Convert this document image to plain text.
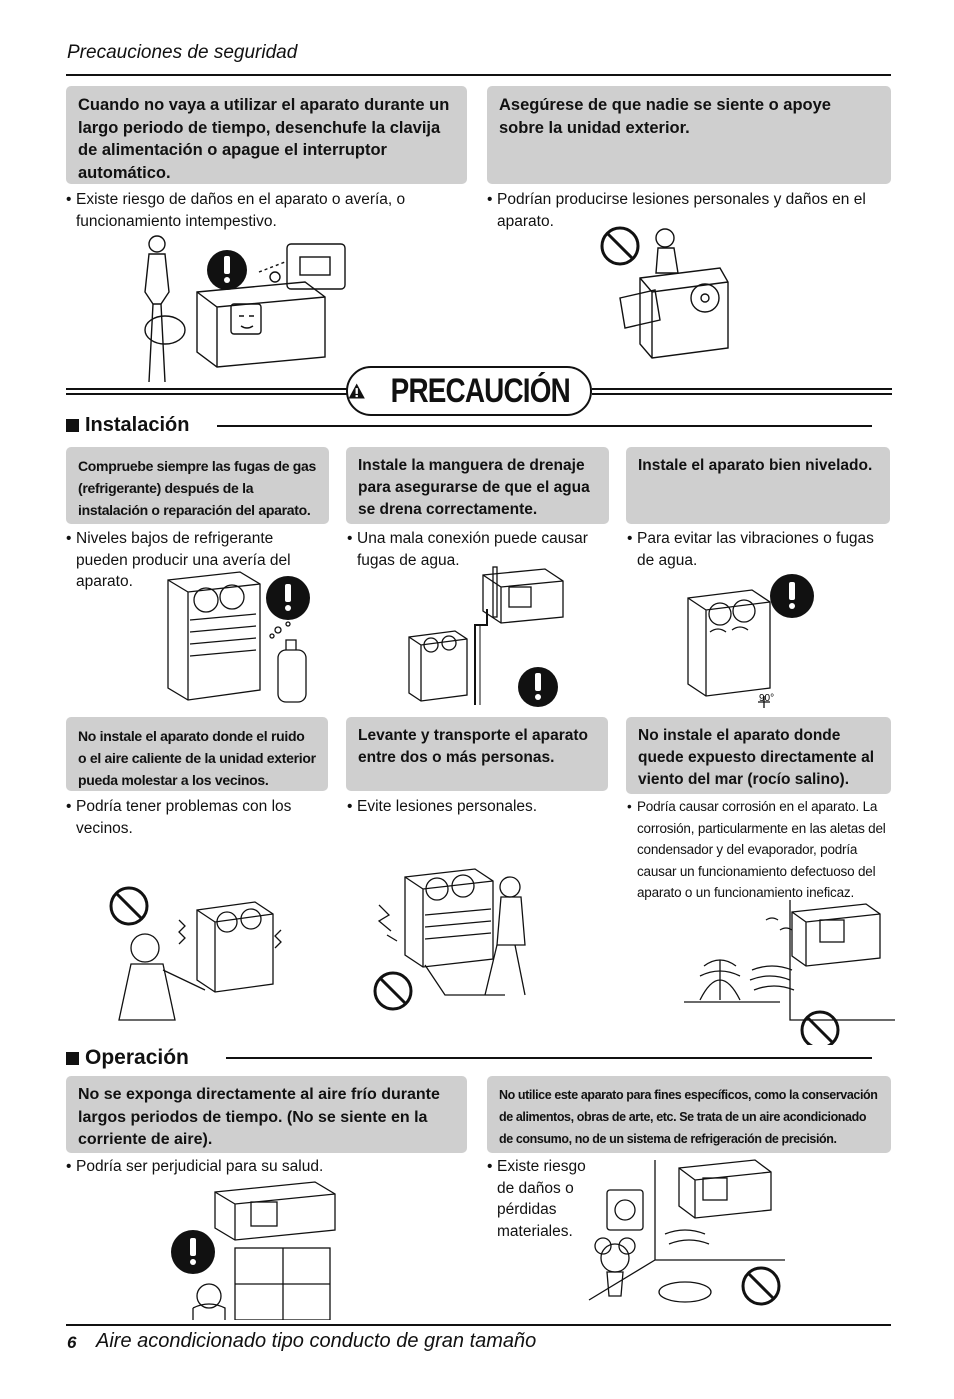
Precauciones de seguridad
Cuando no vaya a utilizar el aparato durante un largo periodo de tiempo, desenchufe la clavija de alimentación o apague el interruptor automático.
Asegúrese de que nadie se siente o apoye sobre la unidad exterior.
• Existe riesgo de daños en el aparato o avería, o funcionamiento intempestivo.
• Podrían producirse lesiones personales y daños en el aparato.
PRECAUCIÓN
Instalación
Compruebe siempre las fugas de gas (refrigerante) después de la instalación o reparación del aparato.
Instale la manguera de drenaje para asegurarse de que el agua se drena correctamente.
Instale el aparato bien nivelado.
• Niveles bajos de refrigerante pueden producir una avería del aparato.
• Una mala conexión puede causar fugas de agua.
• Para evitar las vibraciones o fugas de agua.
90°
No instale el aparato donde el ruido o el aire caliente de la unidad exterior pueda molestar a los vecinos.
Levante y transporte el aparato entre dos o más personas.
No instale el aparato donde quede expuesto directamente al viento del mar (rocío salino).
• Podría tener problemas con los vecinos.
• Evite lesiones personales.	• Podría causar corrosión en el aparato. La corrosión, particularmente en las aletas del condensador y del evaporador, podría causar un funcionamiento defectuoso del aparato o un funcionamiento ineficaz.
Operación
No se exponga directamente al aire frío durante largos periodos de tiempo. (No se siente en la corriente de aire).
No utilice este aparato para fines específicos, como la conservación de alimentos, obras de arte, etc. Se trata de un aire acondicionado de consumo, no de un sistema de refrigeración de precisión.
• Podría ser perjudicial para su salud.	• Existe riesgo de daños o pérdidas materiales.
6 Aire acondicionado tipo conducto de gran tamaño
